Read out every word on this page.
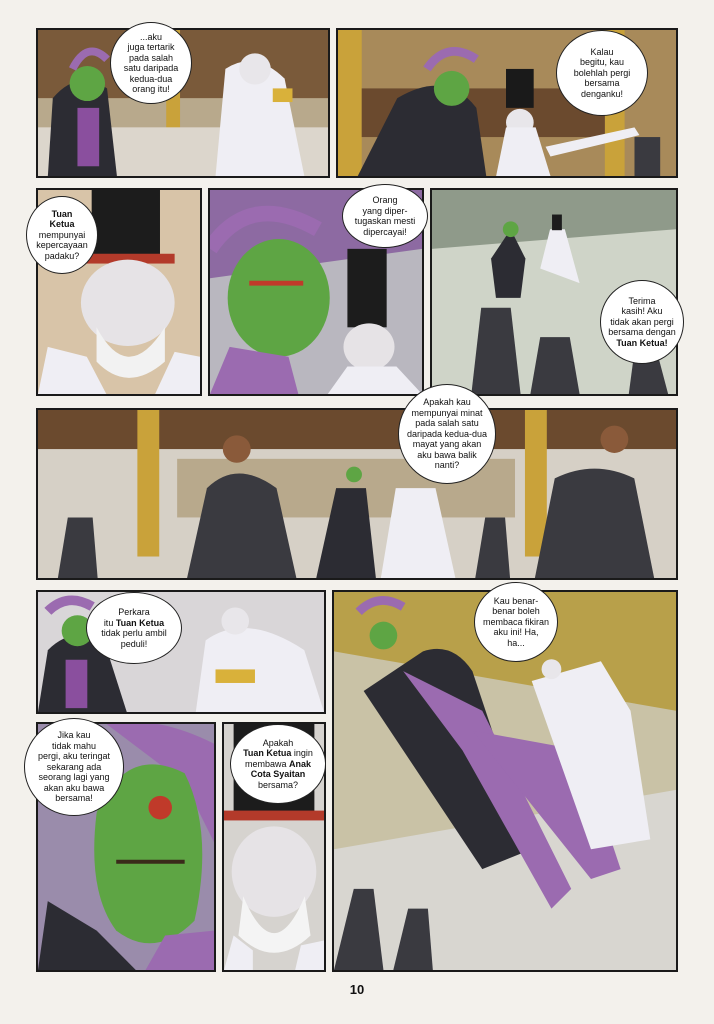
...aku
juga tertarik
pada salah
satu daripada
kedua-dua
orang itu!
Kalau
begitu, kau
bolehlah pergi
bersama
denganku!
Tuan
Ketua
mempunyai
kepercayaan
padaku?
Orang
yang diper-
tugaskan mesti
dipercayai!
Terima
kasih! Aku
tidak akan pergi
bersama dengan
Tuan Ketua!
Apakah kau
mempunyai minat
pada salah satu
daripada kedua-dua
mayat yang akan
aku bawa balik
nanti?
Perkara
itu Tuan Ketua
tidak perlu ambil
peduli!
Kau benar-
benar boleh
membaca fikiran
aku ini! Ha,
ha...
Jika kau
tidak mahu
pergi, aku teringat
sekarang ada
seorang lagi yang
akan aku bawa
bersama!
Apakah
Tuan Ketua ingin
membawa Anak
Cota Syaitan
bersama?
10
